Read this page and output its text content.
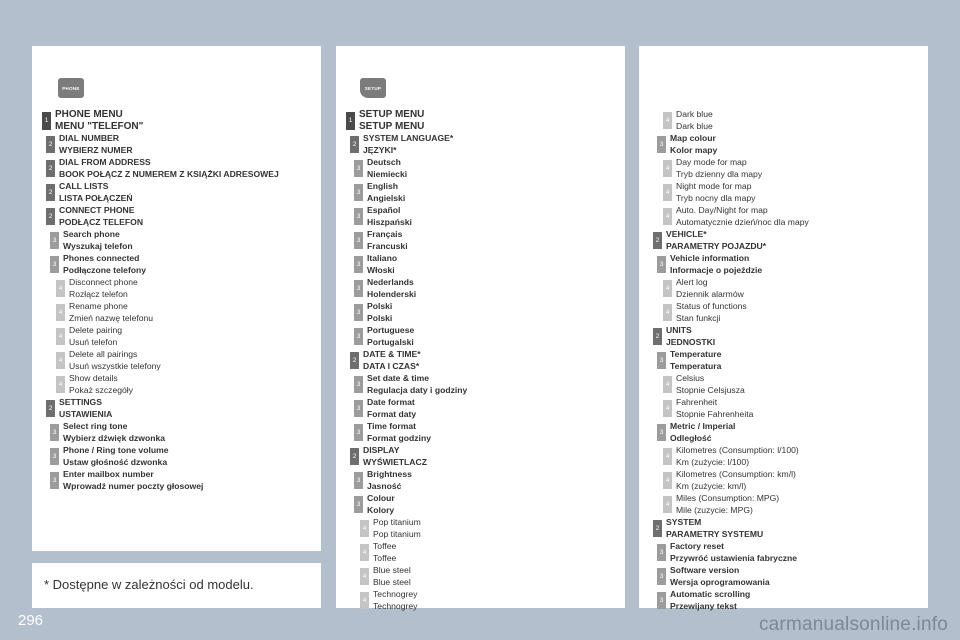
* Dostępne w zależności od modelu.
PHONE	SETUP
1
PHONE MENU
MENU "TELEFON"
2
DIAL NUMBER
WYBIERZ NUMER
2
DIAL FROM ADDRESS
BOOK POŁĄCZ Z NUMEREM Z KSIĄŻKI ADRESOWEJ
2
CALL LISTS
LISTA POŁĄCZEŃ
2
CONNECT PHONE
PODŁĄCZ TELEFON
3
Search phone
Wyszukaj telefon
3
Phones connected
Podłączone telefony
4
Disconnect phone
Rozłącz telefon
4
Rename phone
Zmień nazwę telefonu
4
Delete pairing
Usuń telefon
4
Delete all pairings
Usuń wszystkie telefony
4
Show details
Pokaż szczegóły
2
SETTINGS
USTAWIENIA
3
Select ring tone
Wybierz dźwięk dzwonka
3
Phone / Ring tone volume
Ustaw głośność dzwonka
3
Enter mailbox number
Wprowadź numer poczty głosowej
1
SETUP MENU
SETUP MENU
2
SYSTEM LANGUAGE*
JĘZYKI*
3
Deutsch
Niemiecki
3
English
Angielski
3
Español
Hiszpański
3
Français
Francuski
3
Italiano
Włoski
3
Nederlands
Holenderski
3
Polski
Polski
3
Portuguese
Portugalski
2
DATE & TIME*
DATA I CZAS*
3
Set date & time
Regulacja daty i godziny
3
Date format
Format daty
3
Time format
Format godziny
2
DISPLAY
WYŚWIETLACZ
3
Brightness
Jasność
3
Colour
Kolory
4
Pop titanium
Pop titanium
4
Toffee
Toffee
4
Blue steel
Blue steel
4
Technogrey
Technogrey
4
Dark blue
Dark blue
3
Map colour
Kolor mapy
4
Day mode for map
Tryb dzienny dla mapy
4
Night mode for map
Tryb nocny dla mapy
4
Auto. Day/Night for map
Automatycznie dzień/noc dla mapy
2
VEHICLE*
PARAMETRY POJAZDU*
3
Vehicle information
Informacje o pojeździe
4
Alert log
Dziennik alarmów
4
Status of functions
Stan funkcji
2
UNITS
JEDNOSTKI
3
Temperature
Temperatura
4
Celsius
Stopnie Celsjusza
4
Fahrenheit
Stopnie Fahrenheita
3
Metric / Imperial
Odległość
4
Kilometres (Consumption: l/100)
Km (zużycie: l/100)
4
Kilometres (Consumption: km/l)
Km (zużycie: km/l)
4
Miles (Consumption: MPG)
Mile (zuzycie: MPG)
2
SYSTEM
PARAMETRY SYSTEMU
3
Factory reset
Przywróć ustawienia fabryczne
3
Software version
Wersja oprogramowania
3
Automatic scrolling
Przewijany tekst
296	carmanualsonline.info
